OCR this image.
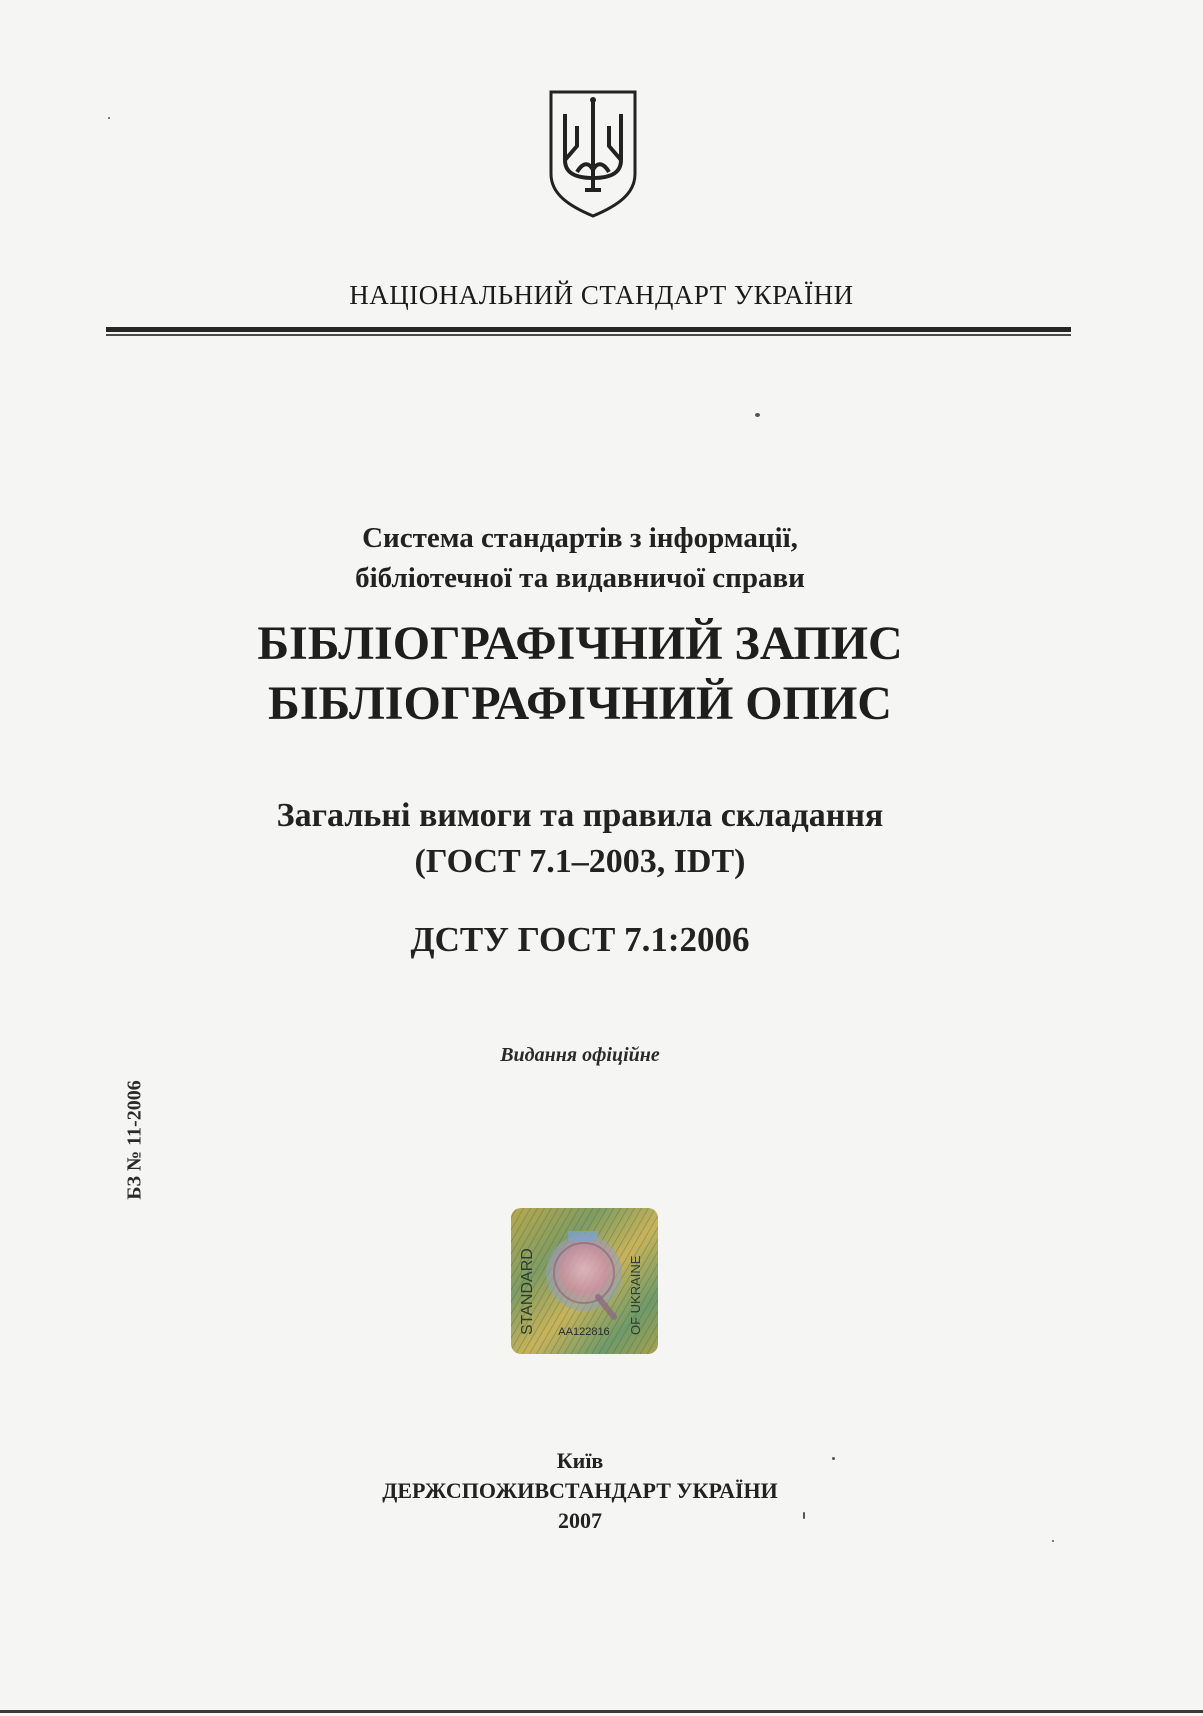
НАЦІОНАЛЬНИЙ СТАНДАРТ УКРАЇНИ
Система стандартів з інформації,
бібліотечної та видавничої справи
БІБЛІОГРАФІЧНИЙ ЗАПИС
БІБЛІОГРАФІЧНИЙ ОПИС
Загальні вимоги та правила складання
(ГОСТ 7.1–2003, IDT)
ДСТУ ГОСТ 7.1:2006
Видання офіційне
БЗ № 11-2006
STANDARD	OF UKRAINE
AA122816
Київ
ДЕРЖСПОЖИВСТАНДАРТ УКРАЇНИ
2007
